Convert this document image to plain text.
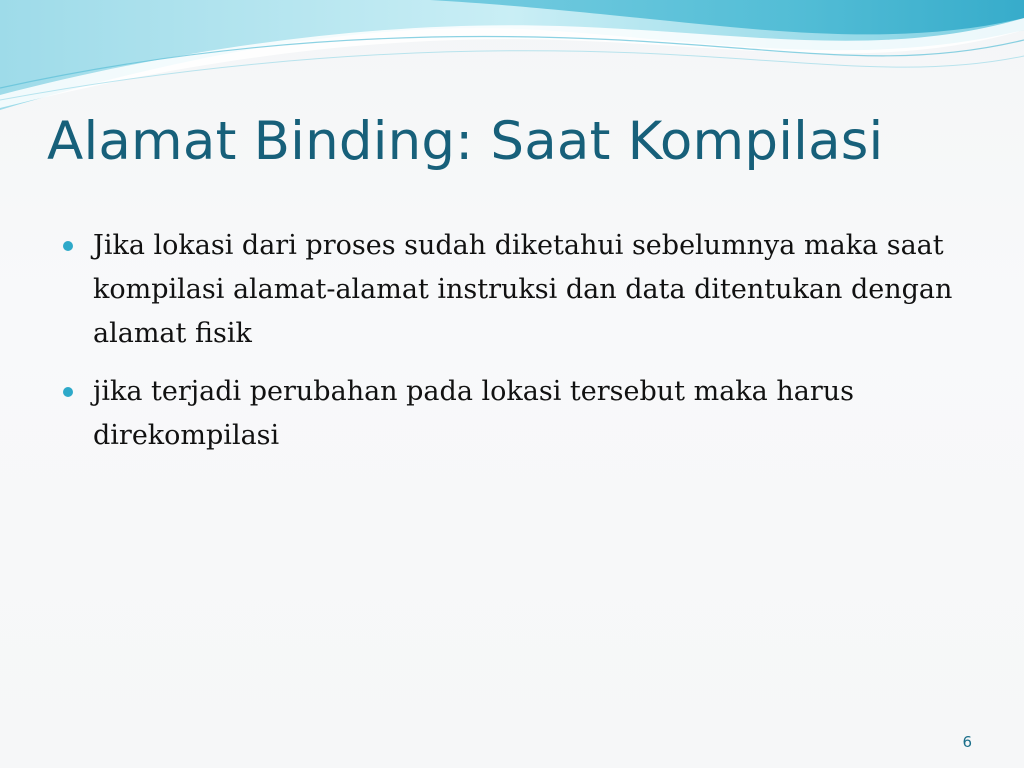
Alamat Binding: Saat Kompilasi
Jika lokasi dari proses sudah diketahui sebelumnya maka saat kompilasi alamat-alamat instruksi dan data ditentukan dengan alamat fisik
jika terjadi perubahan pada lokasi tersebut maka harus direkompilasi
6
